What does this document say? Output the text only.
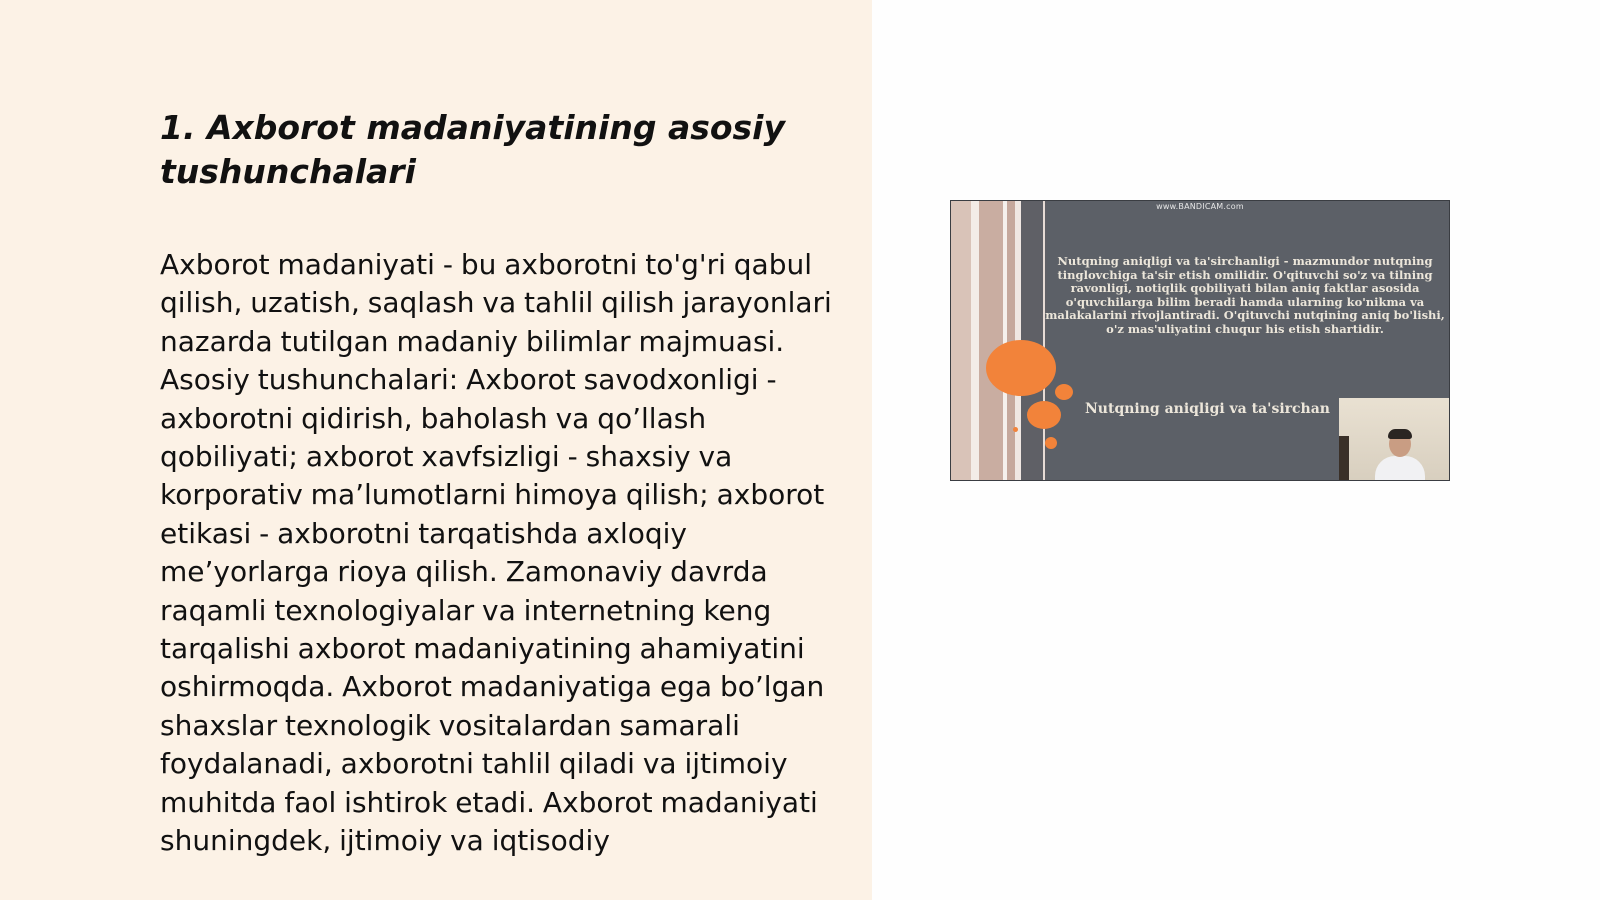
1. Axborot madaniyatining asosiy tushunchalari

Axborot madaniyati - bu axborotni to'g'ri qabul qilish, uzatish, saqlash va tahlil qilish jarayonlari nazarda tutilgan madaniy bilimlar majmuasi. Asosiy tushunchalari: Axborot savodxonligi - axborotni qidirish, baholash va qo’llash qobiliyati; axborot xavfsizligi - shaxsiy va korporativ ma’lumotlarni himoya qilish; axborot etikasi - axborotni tarqatishda axloqiy me’yorlarga rioya qilish. Zamonaviy davrda raqamli texnologiyalar va internetning keng tarqalishi axborot madaniyatining ahamiyatini oshirmoqda. Axborot madaniyatiga ega bo’lgan shaxslar texnologik vositalardan samarali foydalanadi, axborotni tahlil qiladi va ijtimoiy muhitda faol ishtirok etadi. Axborot madaniyati shuningdek, ijtimoiy va iqtisodiy

www.BANDICAM.com

Nutqning aniqligi va ta'sirchanligi - mazmundor nutqning tinglovchiga ta'sir etish omilidir. O'qituvchi so'z va tilning ravonligi, notiqlik qobiliyati bilan aniq faktlar asosida o'quvchilarga bilim beradi hamda ularning ko'nikma va malakalarini rivojlantiradi. O'qituvchi nutqining aniq bo'lishi, o'z mas'uliyatini chuqur his etish shartidir.

Nutqning aniqligi va ta'sirchan
